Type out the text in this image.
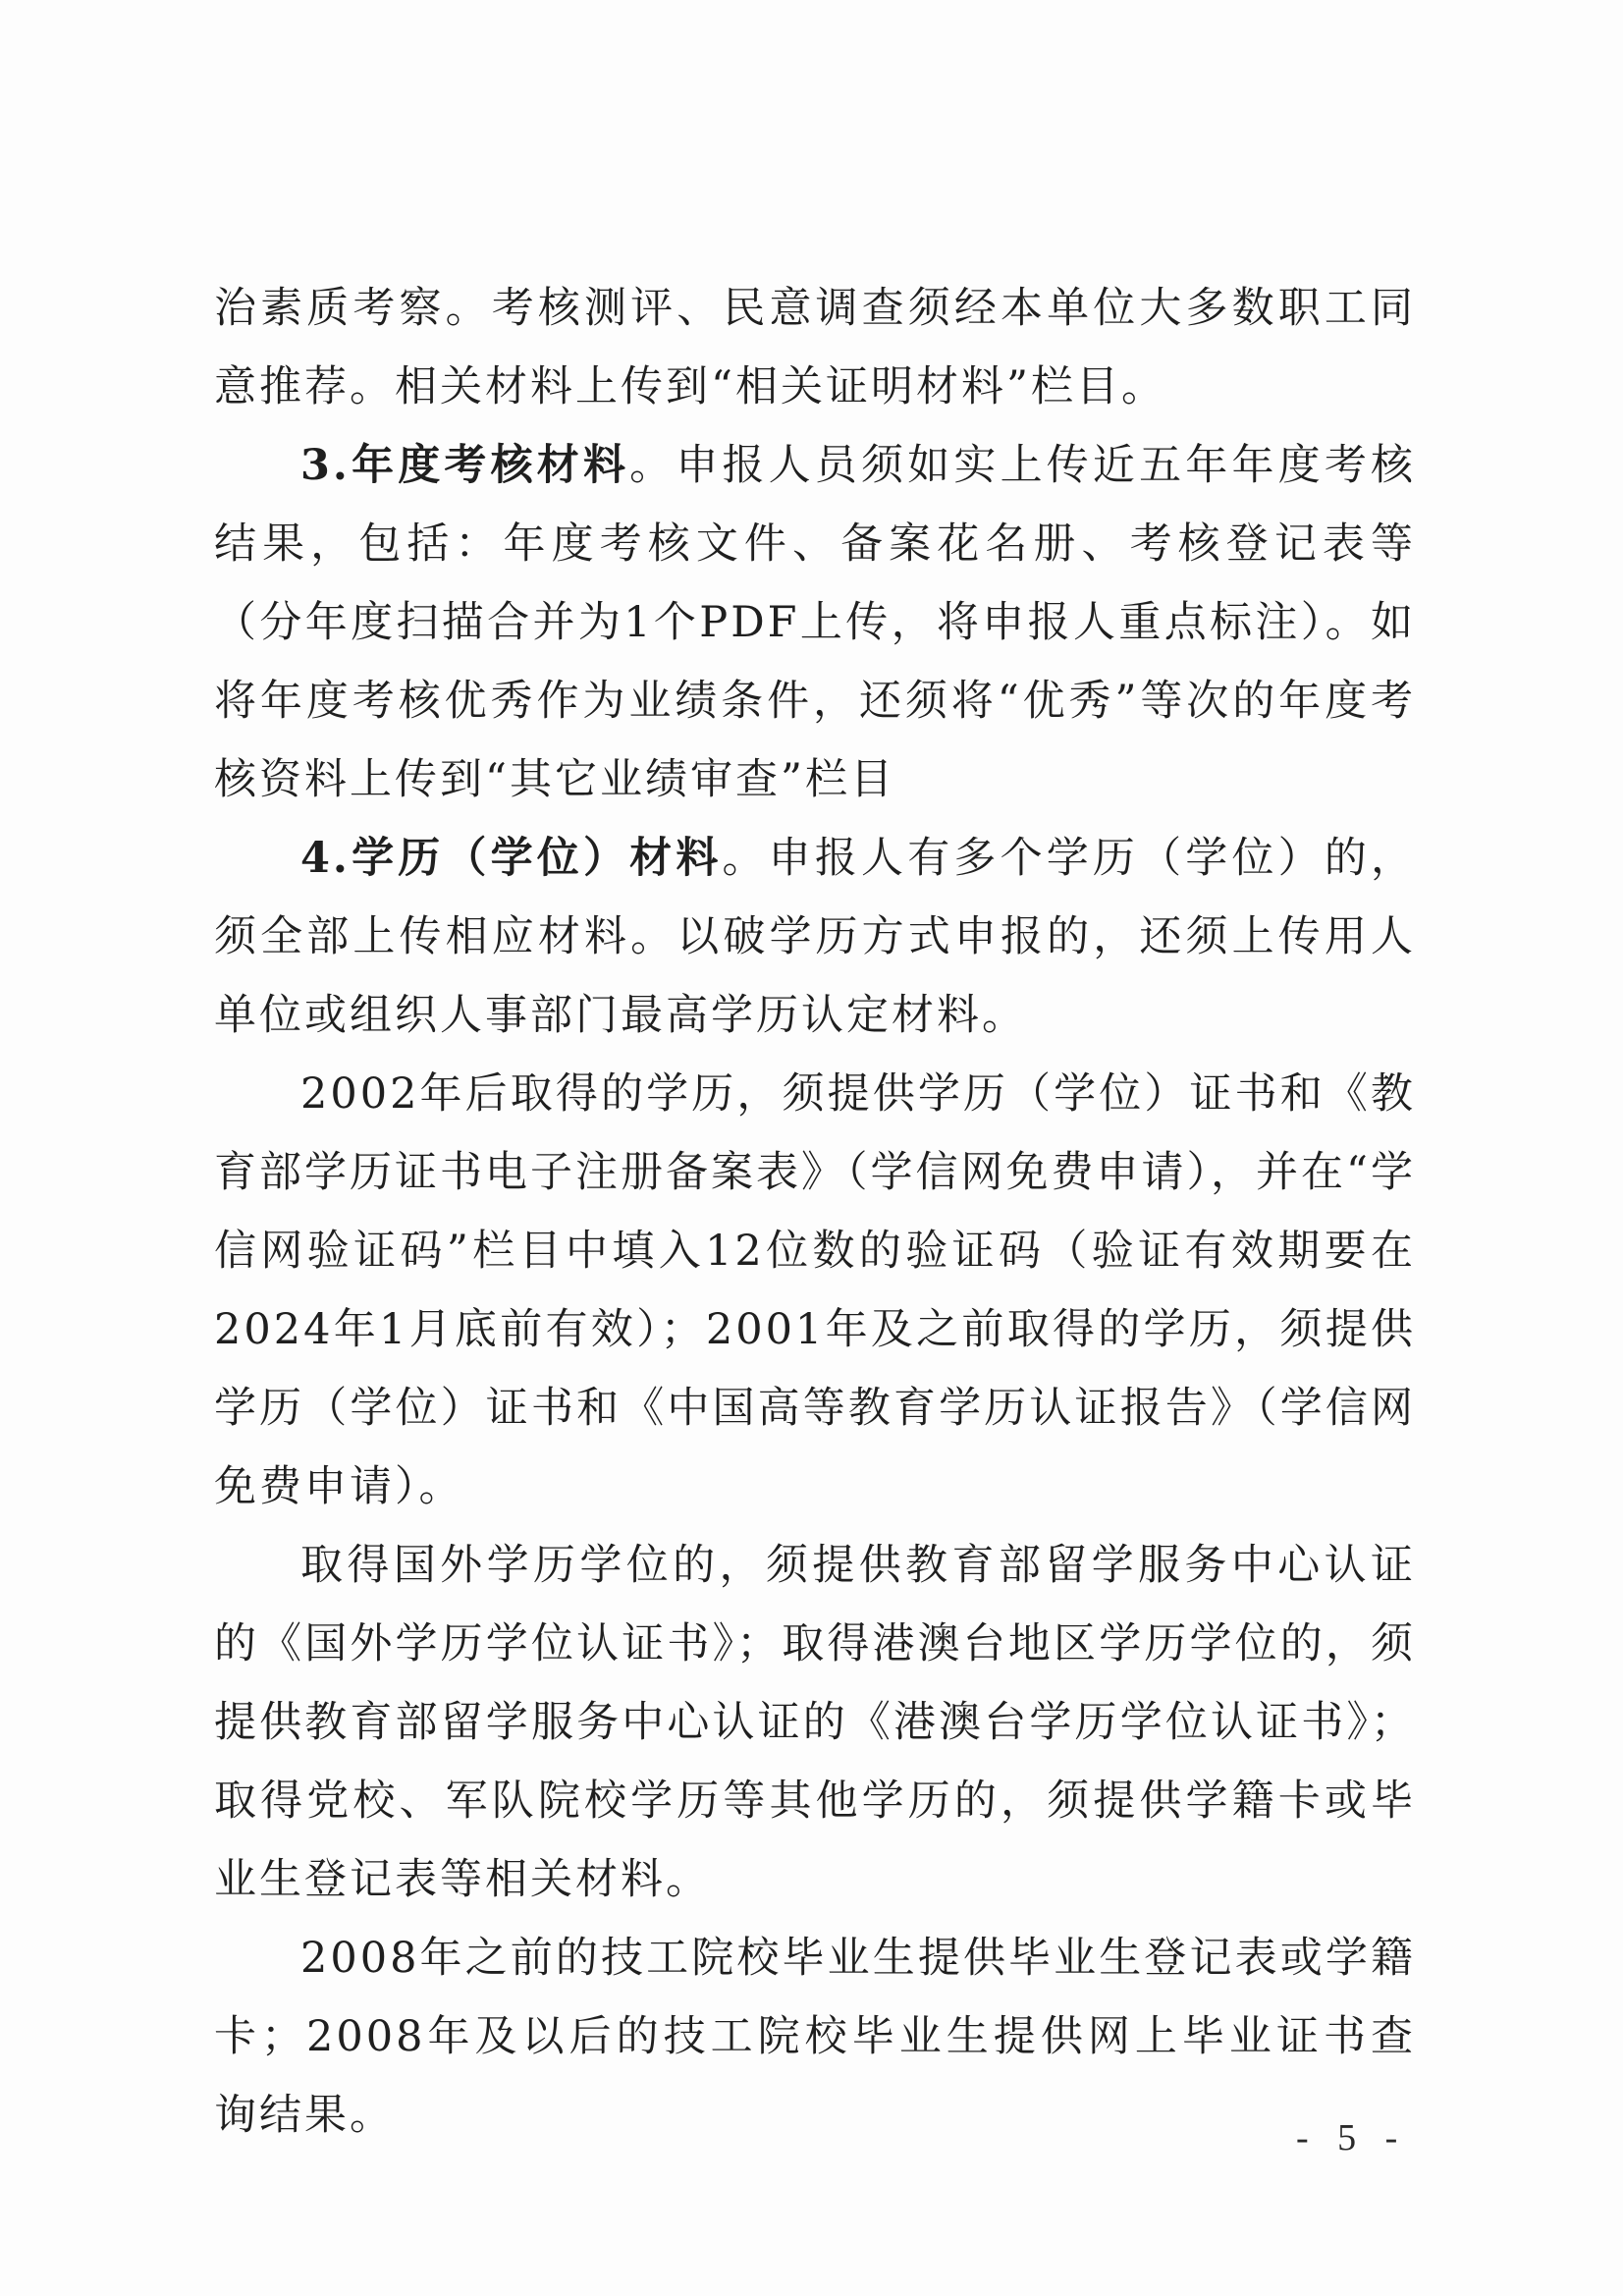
治素质考察。考核测评、民意调查须经本单位大多数职工同意推荐。相关材料上传到“相关证明材料”栏目。

3.年度考核材料。申报人员须如实上传近五年年度考核结果，包括：年度考核文件、备案花名册、考核登记表等（分年度扫描合并为1个PDF上传，将申报人重点标注）。如将年度考核优秀作为业绩条件，还须将“优秀”等次的年度考核资料上传到“其它业绩审查”栏目

4.学历（学位）材料。申报人有多个学历（学位）的，须全部上传相应材料。以破学历方式申报的，还须上传用人单位或组织人事部门最高学历认定材料。

2002年后取得的学历，须提供学历（学位）证书和《教育部学历证书电子注册备案表》（学信网免费申请），并在“学信网验证码”栏目中填入12位数的验证码（验证有效期要在2024年1月底前有效）；2001年及之前取得的学历，须提供学历（学位）证书和《中国高等教育学历认证报告》（学信网免费申请）。

取得国外学历学位的，须提供教育部留学服务中心认证的《国外学历学位认证书》；取得港澳台地区学历学位的，须提供教育部留学服务中心认证的《港澳台学历学位认证书》；取得党校、军队院校学历等其他学历的，须提供学籍卡或毕业生登记表等相关材料。

2008年之前的技工院校毕业生提供毕业生登记表或学籍卡；2008年及以后的技工院校毕业生提供网上毕业证书查询结果。	- 5 -
